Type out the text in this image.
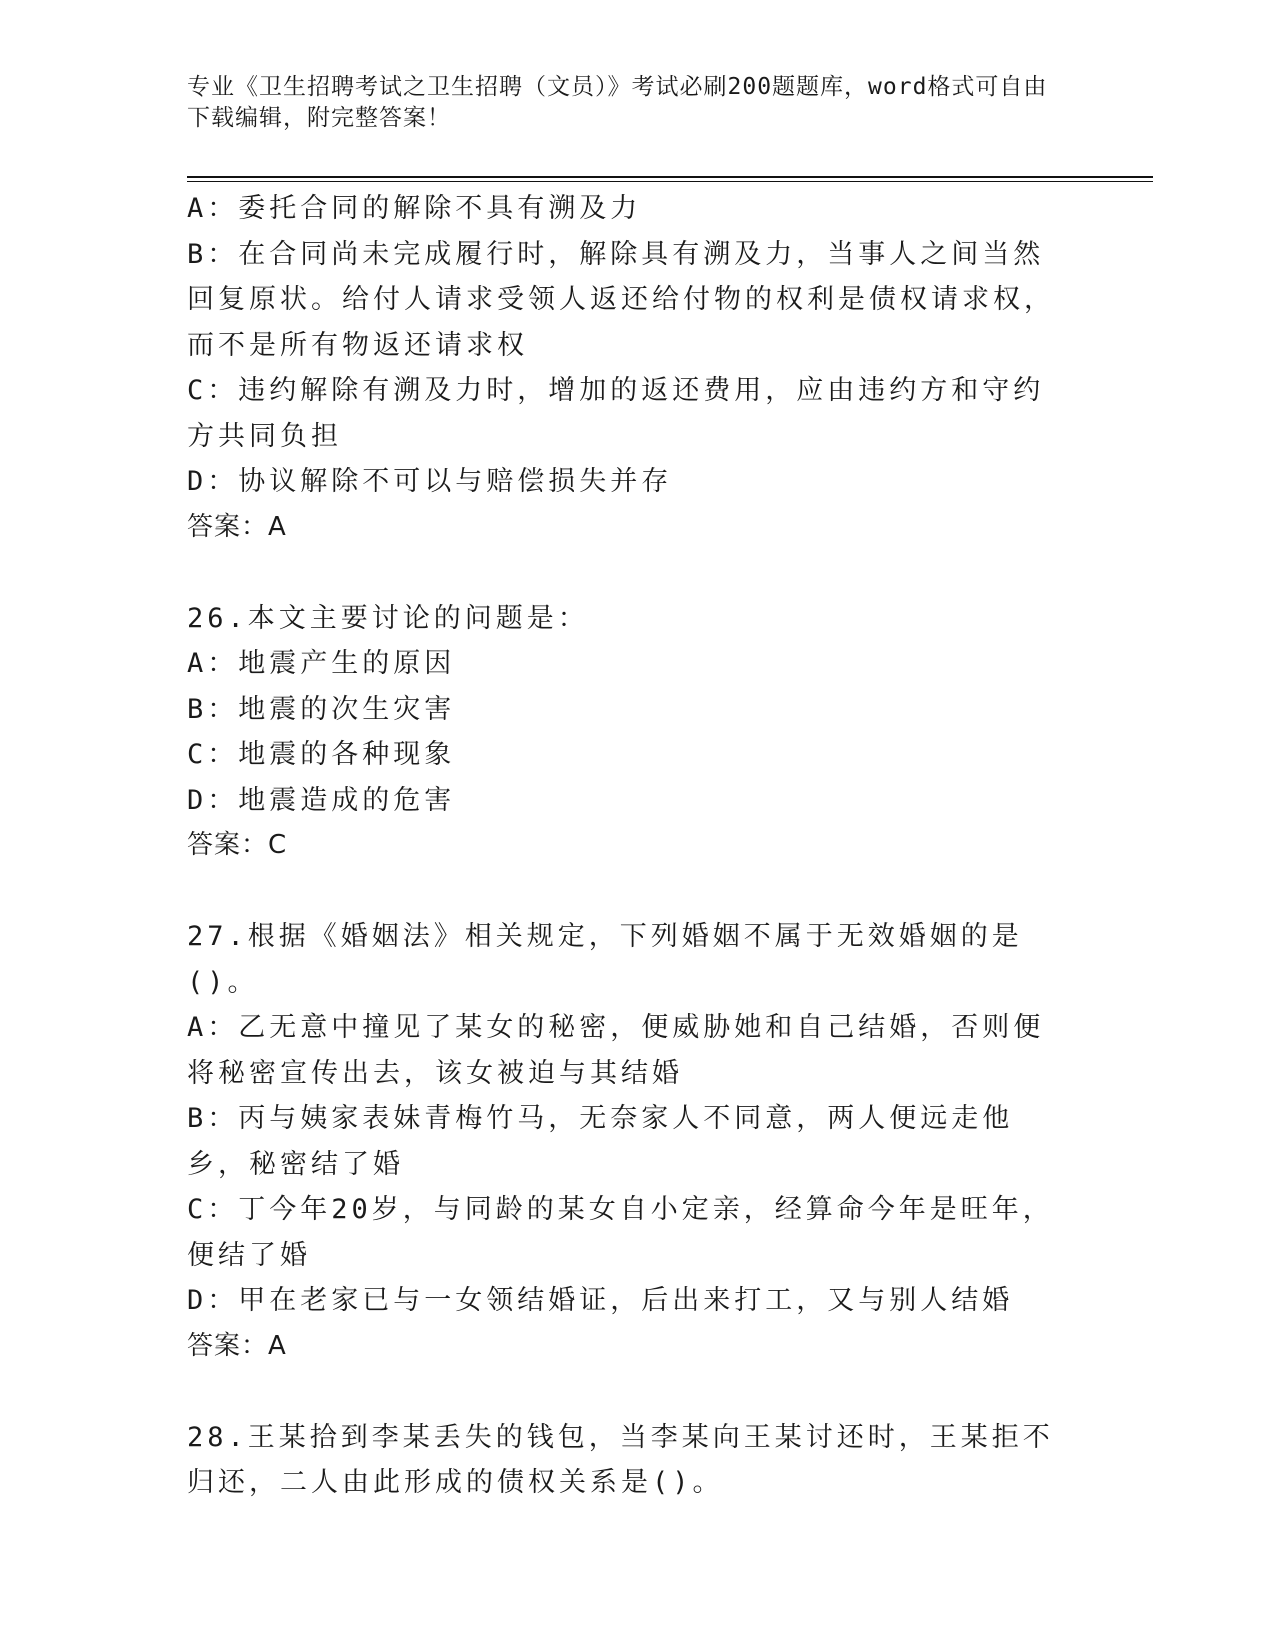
专业《卫生招聘考试之卫生招聘（文员）》考试必刷200题题库，word格式可自由下载编辑，附完整答案！
A：委托合同的解除不具有溯及力
B：在合同尚未完成履行时，解除具有溯及力，当事人之间当然回复原状。给付人请求受领人返还给付物的权利是债权请求权，而不是所有物返还请求权
C：违约解除有溯及力时，增加的返还费用，应由违约方和守约方共同负担
D：协议解除不可以与赔偿损失并存
答案：A
26.本文主要讨论的问题是：
A：地震产生的原因
B：地震的次生灾害
C：地震的各种现象
D：地震造成的危害
答案：C
27.根据《婚姻法》相关规定，下列婚姻不属于无效婚姻的是()。
A：乙无意中撞见了某女的秘密，便威胁她和自己结婚，否则便将秘密宣传出去，该女被迫与其结婚
B：丙与姨家表妹青梅竹马，无奈家人不同意，两人便远走他乡，秘密结了婚
C：丁今年20岁，与同龄的某女自小定亲，经算命今年是旺年，便结了婚
D：甲在老家已与一女领结婚证，后出来打工，又与别人结婚
答案：A
28.王某拾到李某丢失的钱包，当李某向王某讨还时，王某拒不归还，二人由此形成的债权关系是()。
